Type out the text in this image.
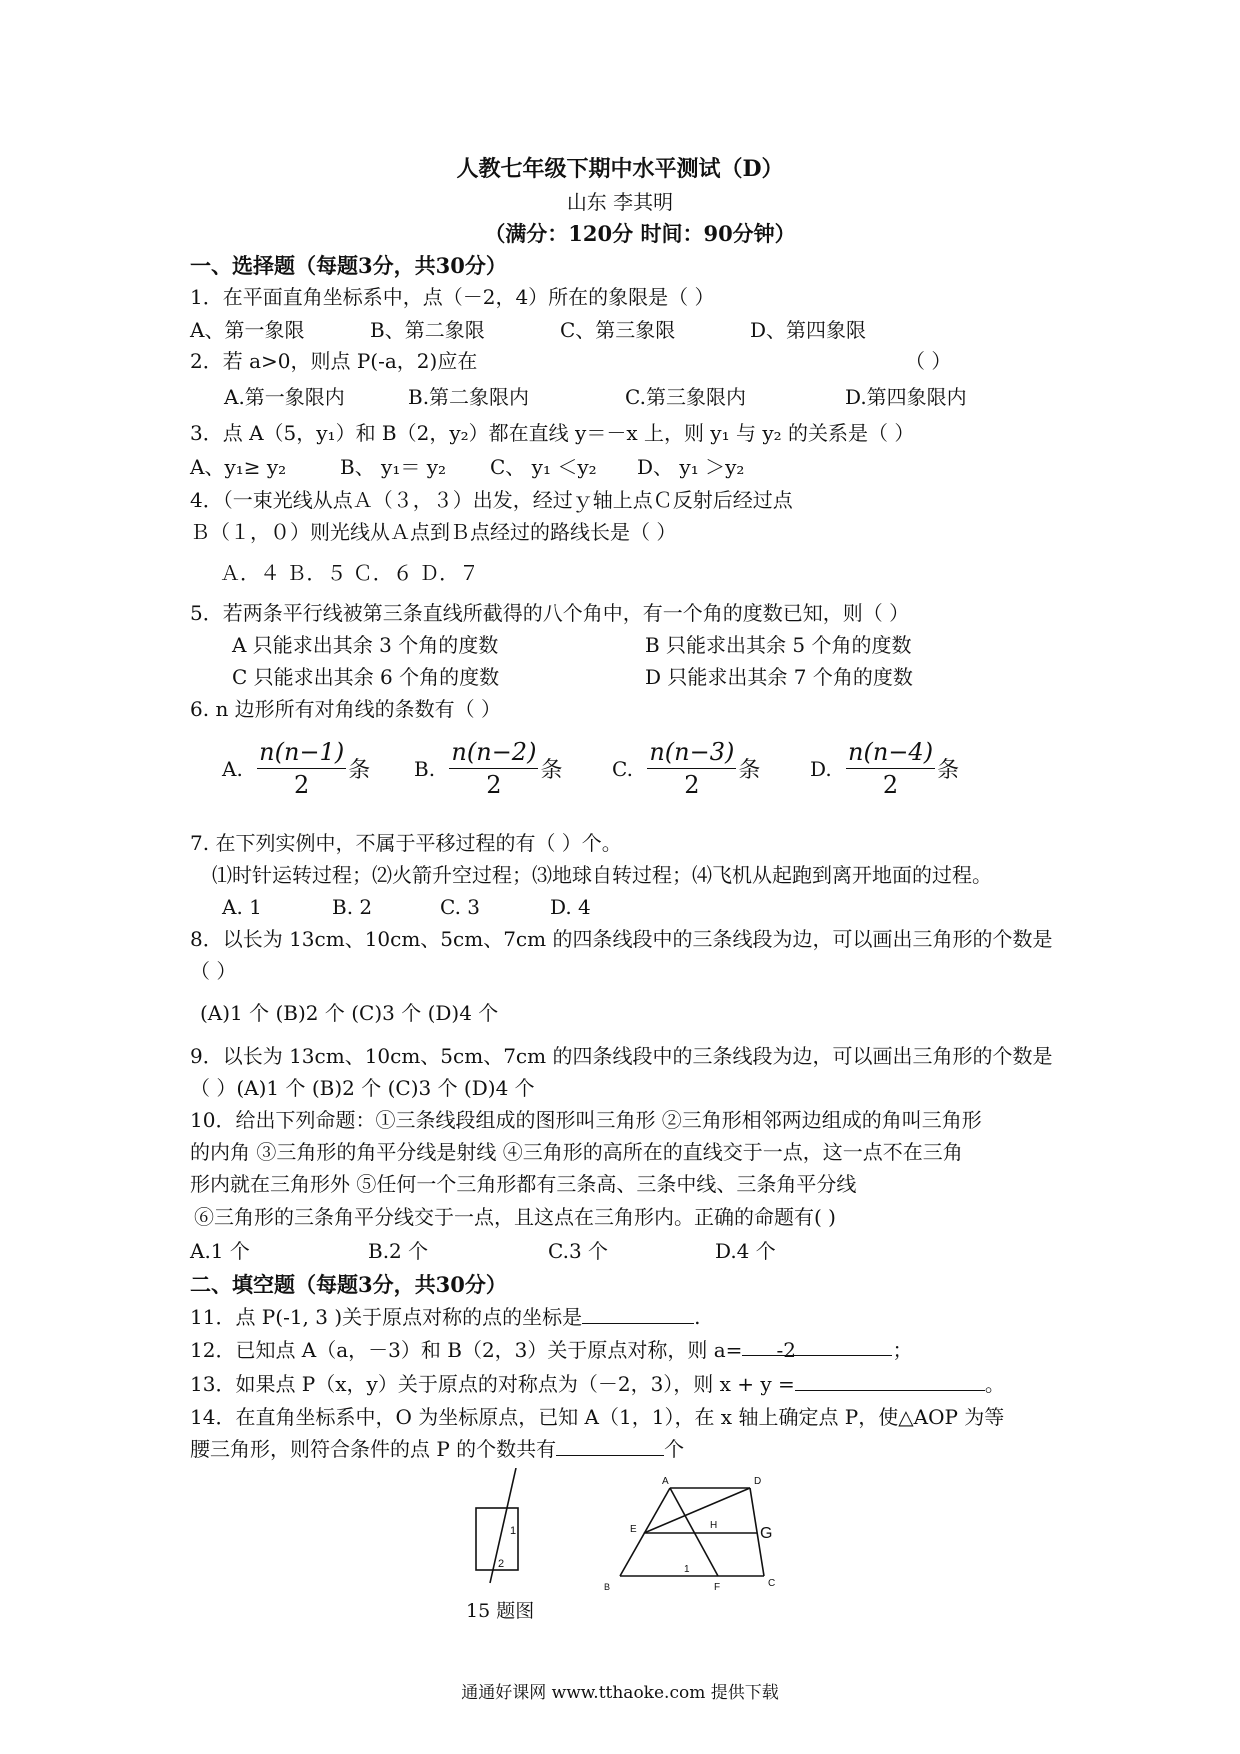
人教七年级下期中水平测试（D）
山东 李其明
（满分：120分 时间：90分钟）
一、选择题（每题3分，共30分）
1．在平面直角坐标系中，点（－2，4）所在的象限是（ ）
A、第一象限	B、第二象限	C、第三象限	D、第四象限
2．若 a>0，则点 P(-a，2)应在	（ ）
A.第一象限内	B.第二象限内	C.第三象限内	D.第四象限内
3．点 A（5，y₁）和 B（2，y₂）都在直线 y＝－x 上，则 y₁ 与 y₂ 的关系是（ ）
A、y₁≥ y₂	B、 y₁＝ y₂ C、 y₁ ＜y₂ D、 y₁ ＞y₂
4．（一束光线从点Ａ（３，３）出发，经过ｙ轴上点Ｃ反射后经过点
Ｂ（１，０）则光线从Ａ点到Ｂ点经过的路线长是（ ）
Ａ．４ Ｂ．５ Ｃ．６ Ｄ．７
5．若两条平行线被第三条直线所截得的八个角中，有一个角的度数已知，则（ ）
A 只能求出其余 3 个角的度数	B 只能求出其余 5 个角的度数
C 只能求出其余 6 个角的度数	D 只能求出其余 7 个角的度数
6. n 边形所有对角线的条数有（ ）
A. $\frac{n(n-1)}{2}$ 条 B. $\frac{n(n-2)}{2}$ 条 C. $\frac{n(n-3)}{2}$ 条 D. $\frac{n(n-4)}{2}$ 条
7. 在下列实例中，不属于平移过程的有（ ）个。
⑴时针运转过程；⑵火箭升空过程；⑶地球自转过程；⑷飞机从起跑到离开地面的过程。
A. 1	B. 2	C. 3	D. 4
8．以长为 13cm、10cm、5cm、7cm 的四条线段中的三条线段为边，可以画出三角形的个数是
（ ）
(A)1 个 (B)2 个 (C)3 个 (D)4 个
9．以长为 13cm、10cm、5cm、7cm 的四条线段中的三条线段为边，可以画出三角形的个数是
（ ）(A)1 个 (B)2 个 (C)3 个 (D)4 个
10．给出下列命题：①三条线段组成的图形叫三角形 ②三角形相邻两边组成的角叫三角形
的内角 ③三角形的角平分线是射线 ④三角形的高所在的直线交于一点，这一点不在三角
形内就在三角形外 ⑤任何一个三角形都有三条高、三条中线、三条角平分线
⑥三角形的三条角平分线交于一点，且这点在三角形内。正确的命题有( )
A.1 个	B.2 个	C.3 个	D.4 个
二、填空题（每题3分，共30分）
11．点 P(-1, 3 )关于原点对称的点的坐标是	.
12．已知点 A（a，－3）和 B（2，3）关于原点对称，则 a= -2	；
13．如果点 P（x，y）关于原点的对称点为（－2，3），则 x + y =	。
14．在直角坐标系中，O 为坐标原点，已知 A（1，1），在 x 轴上确定点 P，使△AOP 为等
腰三角形，则符合条件的点 P 的个数共有	个
1
2
15 题图
A	D
E	H	G
1
B	F	C
通通好课网 www.tthaoke.com 提供下载
